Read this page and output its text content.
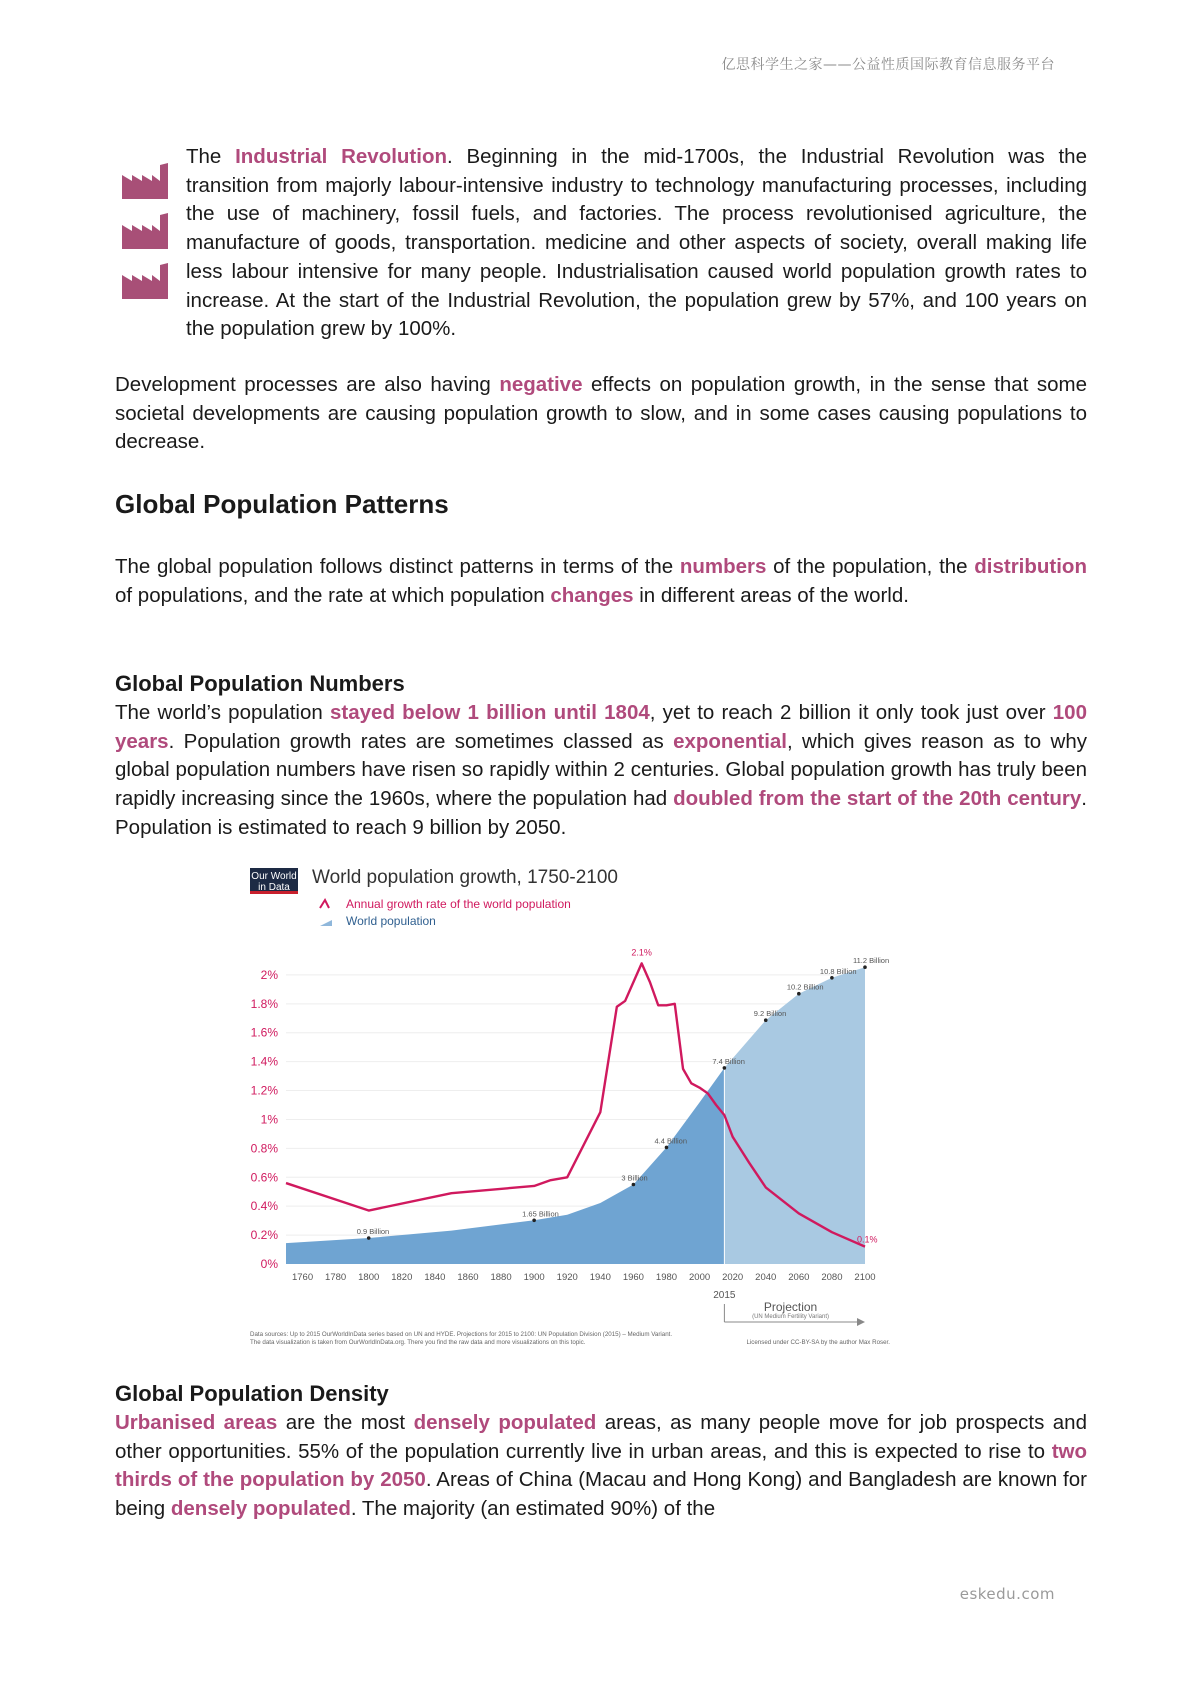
亿思科学生之家——公益性质国际教育信息服务平台

The Industrial Revolution. Beginning in the mid-1700s, the Industrial Revolution was the transition from majorly labour-intensive industry to technology manufacturing processes, including the use of machinery, fossil fuels, and factories. The process revolutionised agriculture, the manufacture of goods, transportation. medicine and other aspects of society, overall making life less labour intensive for many people. Industrialisation caused world population growth rates to increase. At the start of the Industrial Revolution, the population grew by 57%, and 100 years on the population grew by 100%.

Development processes are also having negative effects on population growth, in the sense that some societal developments are causing population growth to slow, and in some cases causing populations to decrease.

Global Population Patterns

The global population follows distinct patterns in terms of the numbers of the population, the distribution of populations, and the rate at which population changes in different areas of the world.

Global Population Numbers

The world’s population stayed below 1 billion until 1804, yet to reach 2 billion it only took just over 100 years. Population growth rates are sometimes classed as exponential, which gives reason as to why global population numbers have risen so rapidly within 2 centuries. Global population growth has truly been rapidly increasing since the 1960s, where the population had doubled from the start of the 20th century. Population is estimated to reach 9 billion by 2050.

Our World
in Data World population growth, 1750-2100
Annual growth rate of the world population
World population
0%
0.2%
0.4%
0.6%
0.8%
1%
1.2%
1.4%
1.6%
1.8%
2%
0.9 Billion
1.65 Billion
3 Billion
4.4 Billion
7.4 Billion
9.2 Billion
10.2 Billion
10.8 Billion
11.2 Billion
2.1%
0.1%
1760 1780 1800 1820 1840 1860 1880 1900 1920 1940 1960 1980 2000 2020 2040 2060 2080 2100
2015
Projection
(UN Medium Fertility Variant)
Data sources: Up to 2015 OurWorldInData series based on UN and HYDE. Projections for 2015 to 2100: UN Population Division (2015) – Medium Variant.
The data visualization is taken from OurWorldInData.org. There you find the raw data and more visualizations on this topic.	Licensed under CC-BY-SA by the author Max Roser.
Global Population Density

Urbanised areas are the most densely populated areas, as many people move for job prospects and other opportunities. 55% of the population currently live in urban areas, and this is expected to rise to two thirds of the population by 2050. Areas of China (Macau and Hong Kong) and Bangladesh are known for being densely populated. The majority (an estimated 90%) of the

eskedu.com
